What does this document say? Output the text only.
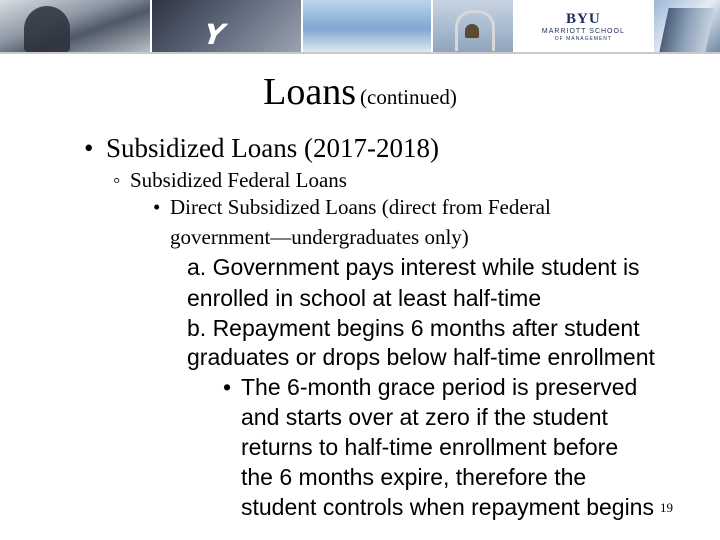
Y	BYU
MARRIOTT SCHOOL
OF MANAGEMENT
Loans (continued)
• Subsidized Loans (2017-2018)
◦ Subsidized Federal Loans
• Direct Subsidized Loans (direct from Federal
government—undergraduates only)
a. Government pays interest while student is
enrolled in school at least half-time
b. Repayment begins 6 months after student
graduates or drops below half-time enrollment
• The 6-month grace period is preserved
and starts over at zero if the student
returns to half-time enrollment before
the 6 months expire, therefore the
student controls when repayment begins 19
